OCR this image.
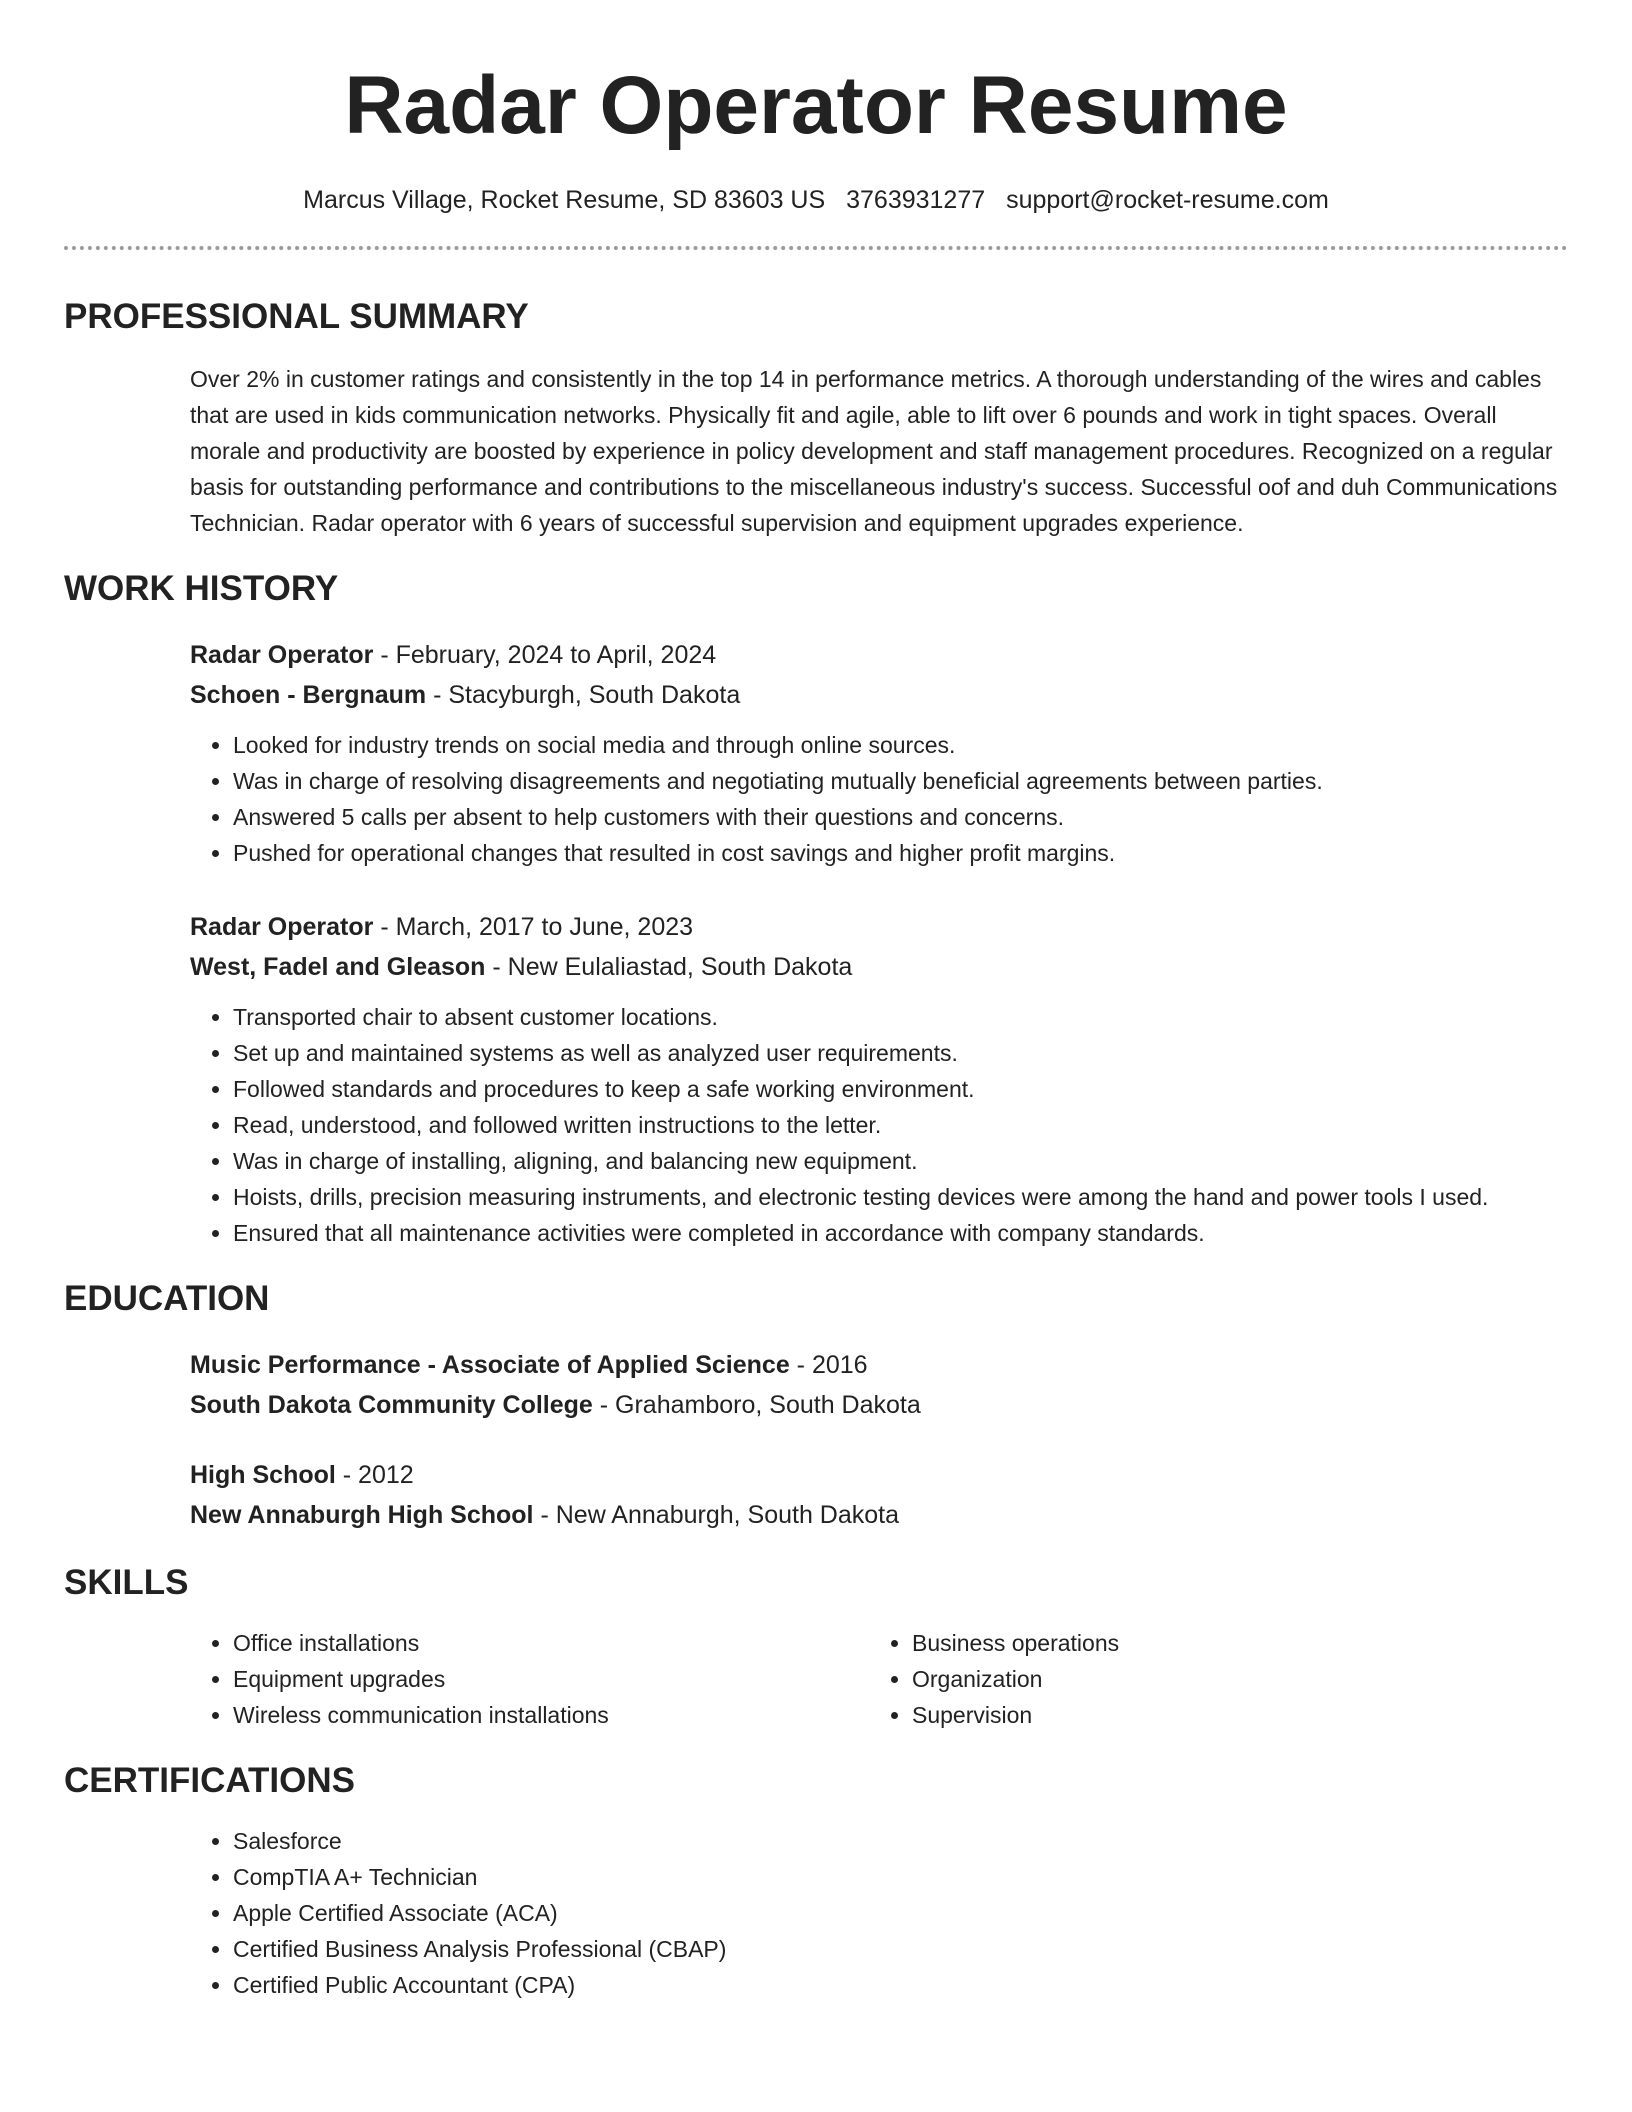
Radar Operator Resume
Marcus Village, Rocket Resume, SD 83603 US 3763931277 support@rocket-resume.com
PROFESSIONAL SUMMARY
Over 2% in customer ratings and consistently in the top 14 in performance metrics. A thorough understanding of the wires and cables that are used in kids communication networks. Physically fit and agile, able to lift over 6 pounds and work in tight spaces. Overall morale and productivity are boosted by experience in policy development and staff management procedures. Recognized on a regular basis for outstanding performance and contributions to the miscellaneous industry's success. Successful oof and duh Communications Technician. Radar operator with 6 years of successful supervision and equipment upgrades experience.
WORK HISTORY
Radar Operator - February, 2024 to April, 2024
Schoen - Bergnaum - Stacyburgh, South Dakota
• Looked for industry trends on social media and through online sources.
• Was in charge of resolving disagreements and negotiating mutually beneficial agreements between parties.
• Answered 5 calls per absent to help customers with their questions and concerns.
• Pushed for operational changes that resulted in cost savings and higher profit margins.
Radar Operator - March, 2017 to June, 2023
West, Fadel and Gleason - New Eulaliastad, South Dakota
• Transported chair to absent customer locations.
• Set up and maintained systems as well as analyzed user requirements.
• Followed standards and procedures to keep a safe working environment.
• Read, understood, and followed written instructions to the letter.
• Was in charge of installing, aligning, and balancing new equipment.
• Hoists, drills, precision measuring instruments, and electronic testing devices were among the hand and power tools I used.
• Ensured that all maintenance activities were completed in accordance with company standards.
EDUCATION
Music Performance - Associate of Applied Science - 2016
South Dakota Community College - Grahamboro, South Dakota
High School - 2012
New Annaburgh High School - New Annaburgh, South Dakota
SKILLS
• Office installations
• Equipment upgrades
• Wireless communication installations
• Business operations
• Organization
• Supervision
CERTIFICATIONS
• Salesforce
• CompTIA A+ Technician
• Apple Certified Associate (ACA)
• Certified Business Analysis Professional (CBAP)
• Certified Public Accountant (CPA)
